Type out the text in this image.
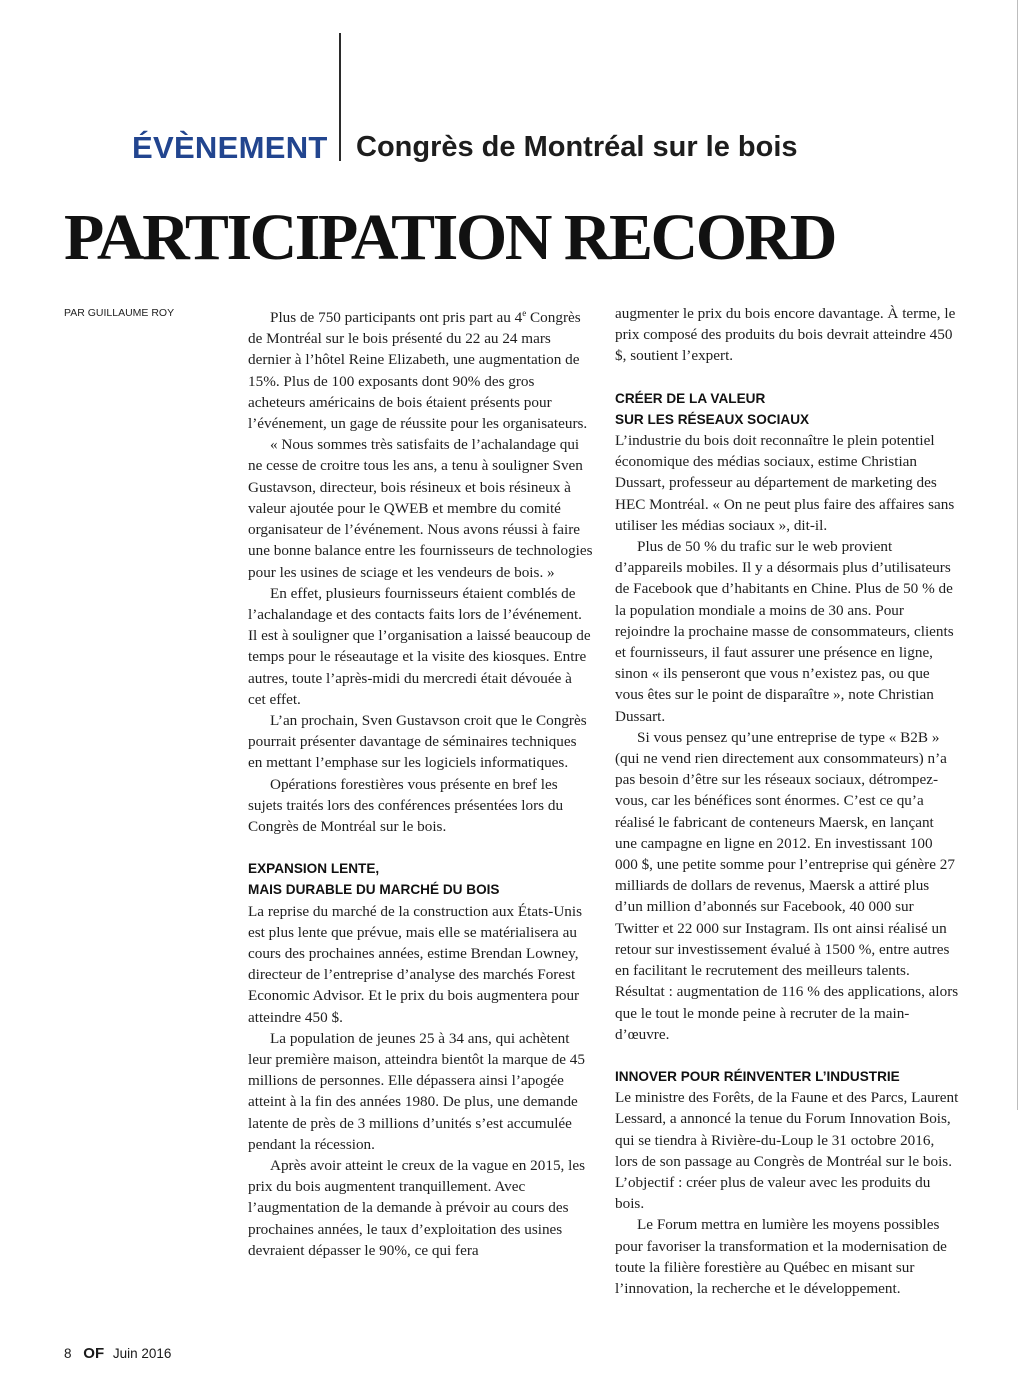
ÉVÈNEMENT Congrès de Montréal sur le bois
PARTICIPATION RECORD
PAR GUILLAUME ROY	Plus de 750 participants ont pris part au 4e Congrès de Montréal sur le bois présenté du 22 au 24 mars dernier à l’hôtel Reine Elizabeth, une augmentation de 15%. Plus de 100 exposants dont 90% des gros acheteurs américains de bois étaient présents pour l’événement, un gage de réussite pour les organisateurs.

« Nous sommes très satisfaits de l’achalandage qui ne cesse de croitre tous les ans, a tenu à souligner Sven Gustavson, directeur, bois résineux et bois résineux à valeur ajoutée pour le QWEB et membre du comité organisateur de l’événement. Nous avons réussi à faire une bonne balance entre les fournisseurs de technologies pour les usines de sciage et les vendeurs de bois. »

En effet, plusieurs fournisseurs étaient comblés de l’achalandage et des contacts faits lors de l’événement. Il est à souligner que l’organisation a laissé beaucoup de temps pour le réseautage et la visite des kiosques. Entre autres, toute l’après-midi du mercredi était dévouée à cet effet.

L’an prochain, Sven Gustavson croit que le Congrès pourrait présenter davantage de séminaires techniques en mettant l’emphase sur les logiciels informatiques.

Opérations forestières vous présente en bref les sujets traités lors des conférences présentées lors du Congrès de Montréal sur le bois.

EXPANSION LENTE,
MAIS DURABLE DU MARCHÉ DU BOIS

La reprise du marché de la construction aux États-Unis est plus lente que prévue, mais elle se matérialisera au cours des prochaines années, estime Brendan Lowney, directeur de l’entreprise d’analyse des marchés Forest Economic Advisor. Et le prix du bois augmentera pour atteindre 450 $.

La population de jeunes 25 à 34 ans, qui achètent leur première maison, atteindra bientôt la marque de 45 millions de personnes. Elle dépassera ainsi l’apogée atteint à la fin des années 1980. De plus, une demande latente de près de 3 millions d’unités s’est accumulée pendant la récession.

Après avoir atteint le creux de la vague en 2015, les prix du bois augmentent tranquillement. Avec l’augmentation de la demande à prévoir au cours des prochaines années, le taux d’exploitation des usines devraient dépasser le 90%, ce qui fera

augmenter le prix du bois encore davantage. À terme, le prix composé des produits du bois devrait atteindre 450 $, soutient l’expert.

CRÉER DE LA VALEUR
SUR LES RÉSEAUX SOCIAUX

L’industrie du bois doit reconnaître le plein potentiel économique des médias sociaux, estime Christian Dussart, professeur au département de marketing des HEC Montréal. « On ne peut plus faire des affaires sans utiliser les médias sociaux », dit-il.

Plus de 50 % du trafic sur le web provient d’appareils mobiles. Il y a désormais plus d’utilisateurs de Facebook que d’habitants en Chine. Plus de 50 % de la population mondiale a moins de 30 ans. Pour rejoindre la prochaine masse de consommateurs, clients et fournisseurs, il faut assurer une présence en ligne, sinon « ils penseront que vous n’existez pas, ou que vous êtes sur le point de disparaître », note Christian Dussart.

Si vous pensez qu’une entreprise de type « B2B » (qui ne vend rien directement aux consommateurs) n’a pas besoin d’être sur les réseaux sociaux, détrompez-vous, car les bénéfices sont énormes. C’est ce qu’a réalisé le fabricant de conteneurs Maersk, en lançant une campagne en ligne en 2012. En investissant 100 000 $, une petite somme pour l’entreprise qui génère 27 milliards de dollars de revenus, Maersk a attiré plus d’un million d’abonnés sur Facebook, 40 000 sur Twitter et 22 000 sur Instagram. Ils ont ainsi réalisé un retour sur investissement évalué à 1500 %, entre autres en facilitant le recrutement des meilleurs talents. Résultat : augmentation de 116 % des applications, alors que le tout le monde peine à recruter de la main-d’œuvre.

INNOVER POUR RÉINVENTER L’INDUSTRIE

Le ministre des Forêts, de la Faune et des Parcs, Laurent Lessard, a annoncé la tenue du Forum Innovation Bois, qui se tiendra à Rivière-du-Loup le 31 octobre 2016, lors de son passage au Congrès de Montréal sur le bois. L’objectif : créer plus de valeur avec les produits du bois.

Le Forum mettra en lumière les moyens possibles pour favoriser la transformation et la modernisation de toute la filière forestière au Québec en misant sur l’innovation, la recherche et le développement.

8 OF Juin 2016
